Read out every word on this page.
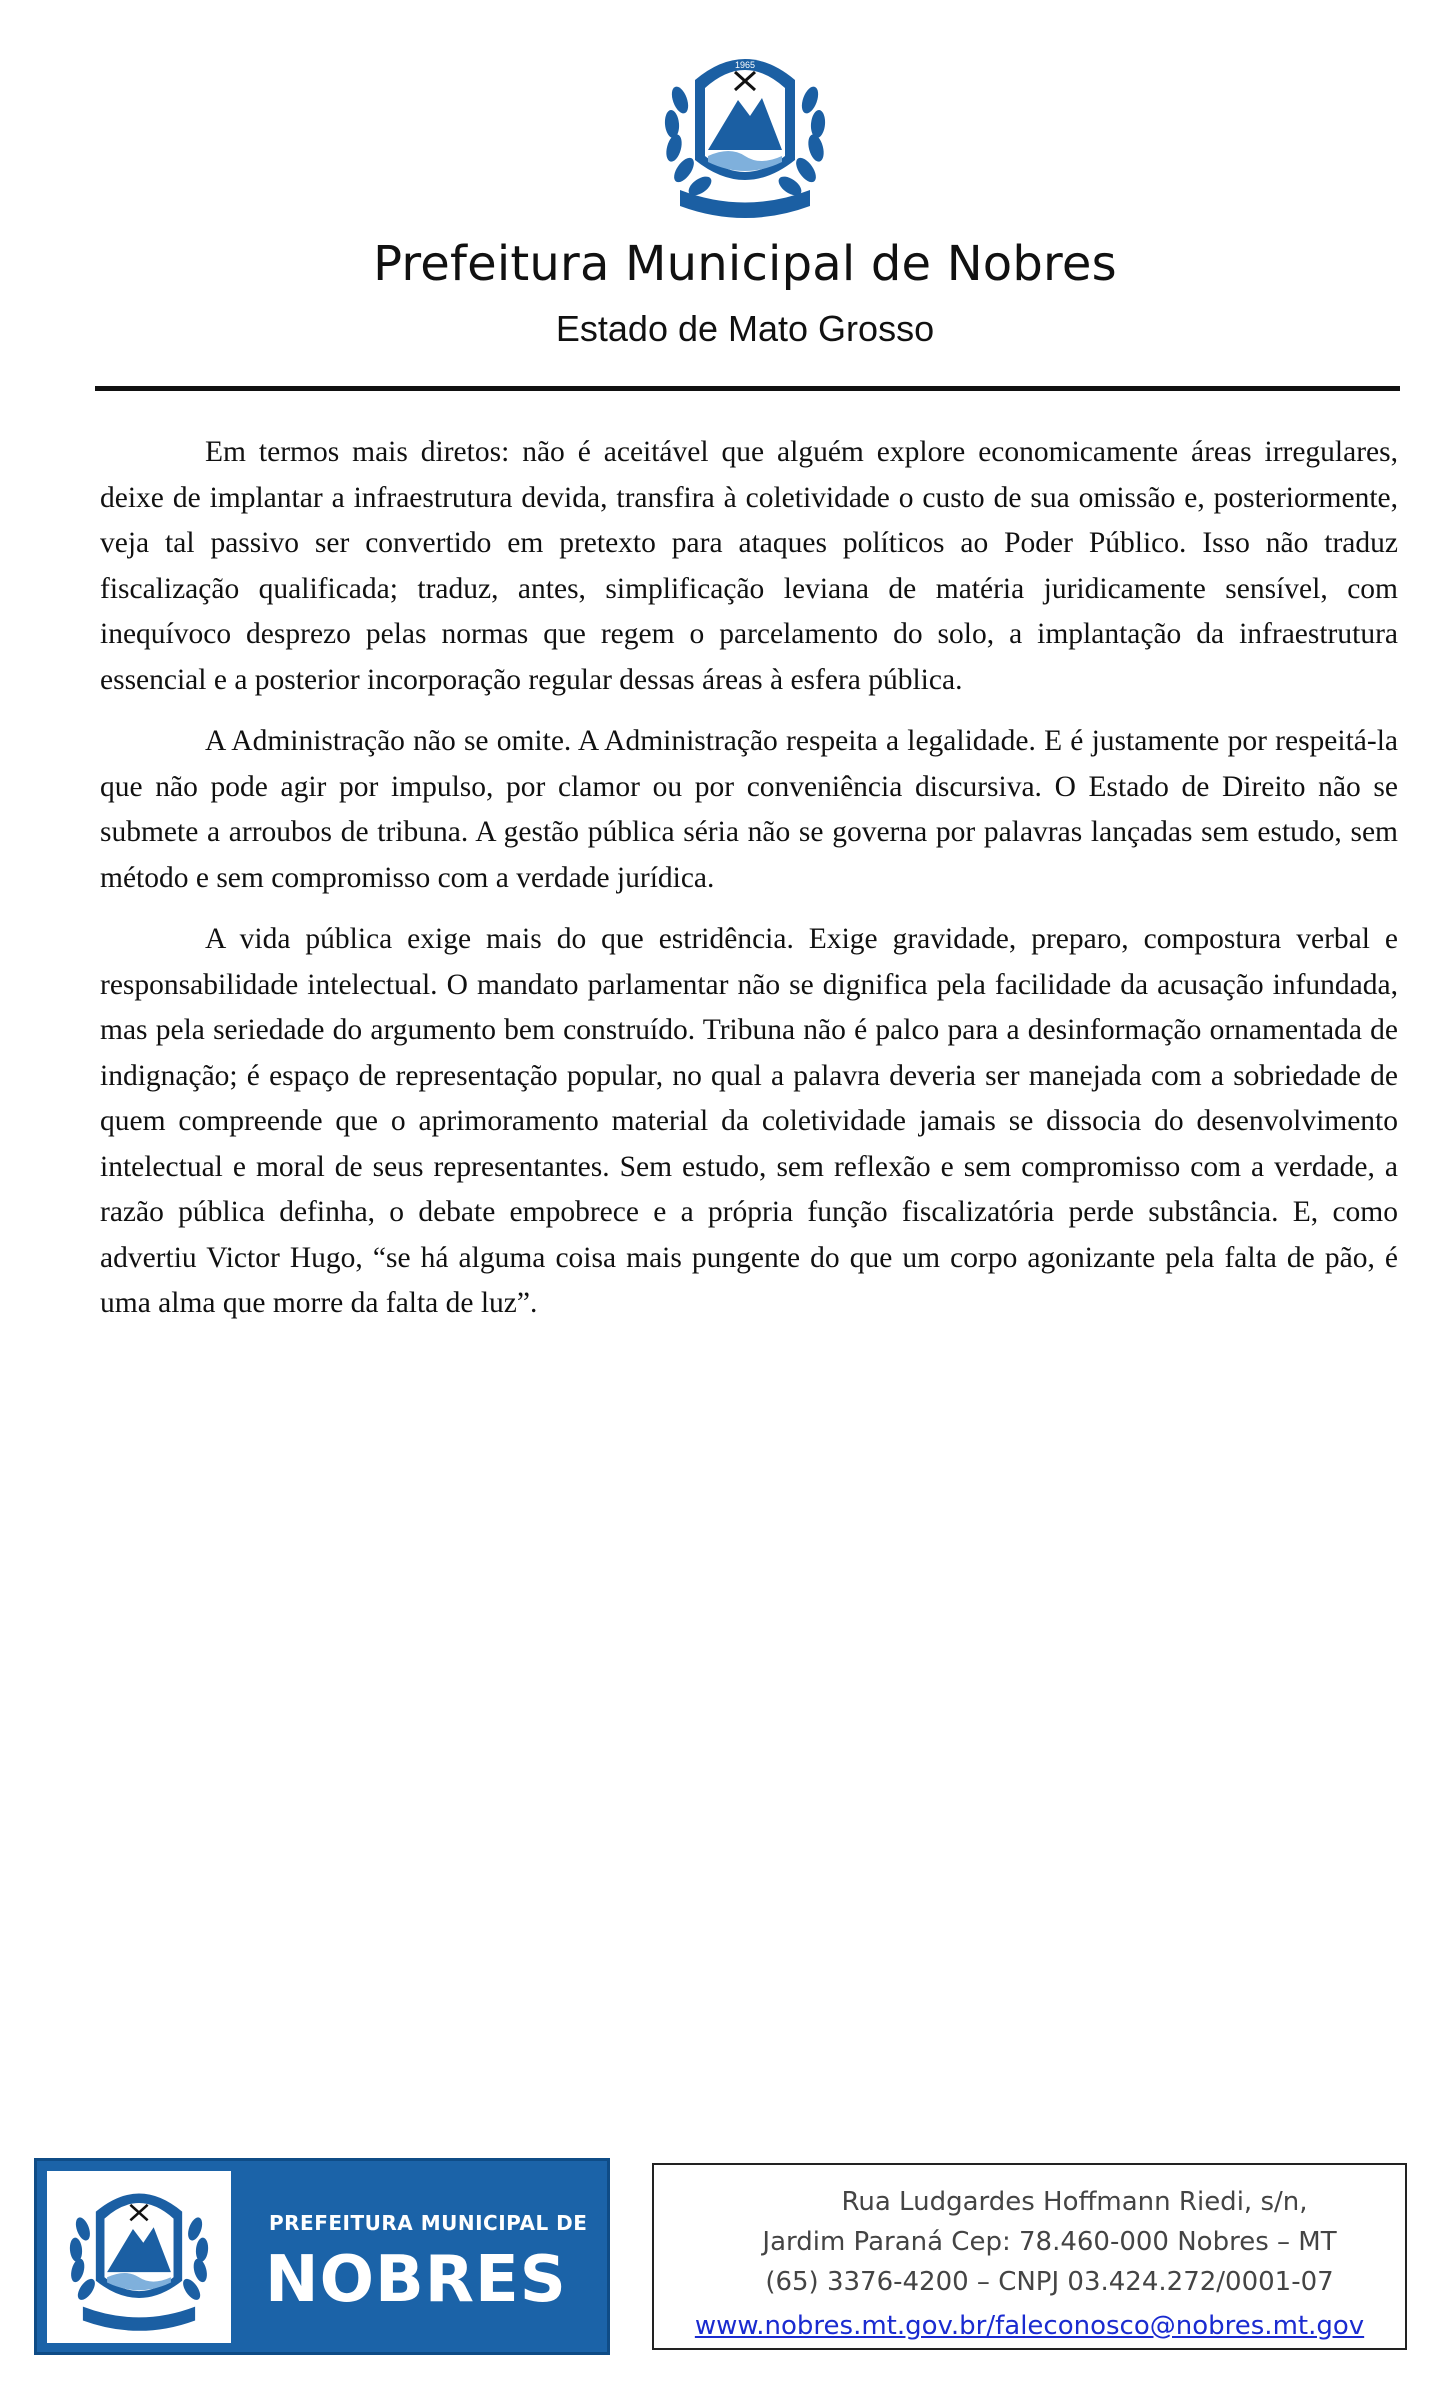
1965
Prefeitura Municipal de Nobres
Estado de Mato Grosso

Em termos mais diretos: não é aceitável que alguém explore economicamente áreas irregulares, deixe de implantar a infraestrutura devida, transfira à coletividade o custo de sua omissão e, posteriormente, veja tal passivo ser convertido em pretexto para ataques políticos ao Poder Público. Isso não traduz fiscalização qualificada; traduz, antes, simplificação leviana de matéria juridicamente sensível, com inequívoco desprezo pelas normas que regem o parcelamento do solo, a implantação da infraestrutura essencial e a posterior incorporação regular dessas áreas à esfera pública.

A Administração não se omite. A Administração respeita a legalidade. E é justamente por respeitá-la que não pode agir por impulso, por clamor ou por conveniência discursiva. O Estado de Direito não se submete a arroubos de tribuna. A gestão pública séria não se governa por palavras lançadas sem estudo, sem método e sem compromisso com a verdade jurídica.

A vida pública exige mais do que estridência. Exige gravidade, preparo, compostura verbal e responsabilidade intelectual. O mandato parlamentar não se dignifica pela facilidade da acusação infundada, mas pela seriedade do argumento bem construído. Tribuna não é palco para a desinformação ornamentada de indignação; é espaço de representação popular, no qual a palavra deveria ser manejada com a sobriedade de quem compreende que o aprimoramento material da coletividade jamais se dissocia do desenvolvimento intelectual e moral de seus representantes. Sem estudo, sem reflexão e sem compromisso com a verdade, a razão pública definha, o debate empobrece e a própria função fiscalizatória perde substância. E, como advertiu Victor Hugo, “se há alguma coisa mais pungente do que um corpo agonizante pela falta de pão, é uma alma que morre da falta de luz”.

PREFEITURA MUNICIPAL DE
NOBRES
Rua Ludgardes Hoffmann Riedi, s/n,
Jardim Paraná Cep: 78.460-000 Nobres – MT
(65) 3376-4200 – CNPJ 03.424.272/0001-07
www.nobres.mt.gov.br/faleconosco@nobres.mt.gov
